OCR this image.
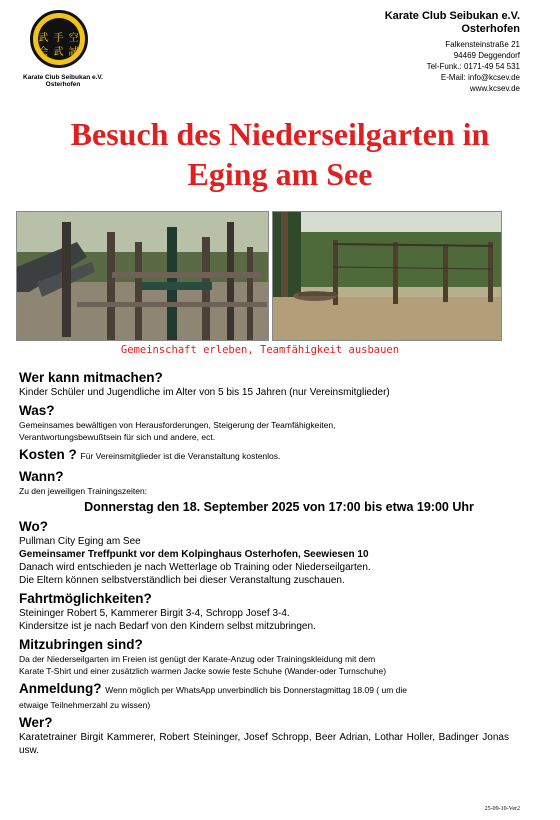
武 手 空
会 武 誠
Karate Club Seibukan e.V.
Osterhofen
Karate Club Seibukan e.V.
Osterhofen
Falkensteinstraße 21
94469 Deggendorf
Tel-Funk.: 0171-49 54 531
E-Mail: info@kcsev.de
www.kcsev.de
Besuch des Niederseilgarten in
Eging am See
Gemeinschaft erleben, Teamfähigkeit ausbauen
Wer kann mitmachen?
Kinder Schüler und Jugendliche im Alter von 5 bis 15 Jahren (nur Vereinsmitglieder)
Was?
Gemeinsames bewältigen von Herausforderungen, Steigerung der Teamfähigkeiten,
Verantwortungsbewußtsein für sich und andere, ect.
Kosten ? Für Vereinsmitglieder ist die Veranstaltung kostenlos.
Wann?
Zu den jeweiligen Trainingszeiten:
Donnerstag den 18. September 2025 von 17:00 bis etwa 19:00 Uhr
Wo?
Pullman City Eging am See
Gemeinsamer Treffpunkt vor dem Kolpinghaus Osterhofen, Seewiesen 10
Danach wird entschieden je nach Wetterlage ob Training oder Niederseilgarten.
Die Eltern können selbstverständlich bei dieser Veranstaltung zuschauen.
Fahrtmöglichkeiten?
Steininger Robert 5, Kammerer Birgit 3-4, Schropp Josef 3-4.
Kindersitze ist je nach Bedarf von den Kindern selbst mitzubringen.
Mitzubringen sind?
Da der Niederseilgarten im Freien ist genügt der Karate-Anzug oder Trainingskleidung mit dem
Karate T-Shirt und einer zusätzlich warmen Jacke sowie feste Schuhe (Wander-oder Turnschuhe)
Anmeldung? Wenn möglich per WhatsApp unverbindlich bis Donnerstagmittag 18.09 ( um die
etwaige Teilnehmerzahl zu wissen)
Wer?
Karatetrainer Birgit Kammerer, Robert Steininger, Josef Schropp, Beer Adrian, Lothar Holler, Badinger Jonas usw.
25-09-10-Ver2
